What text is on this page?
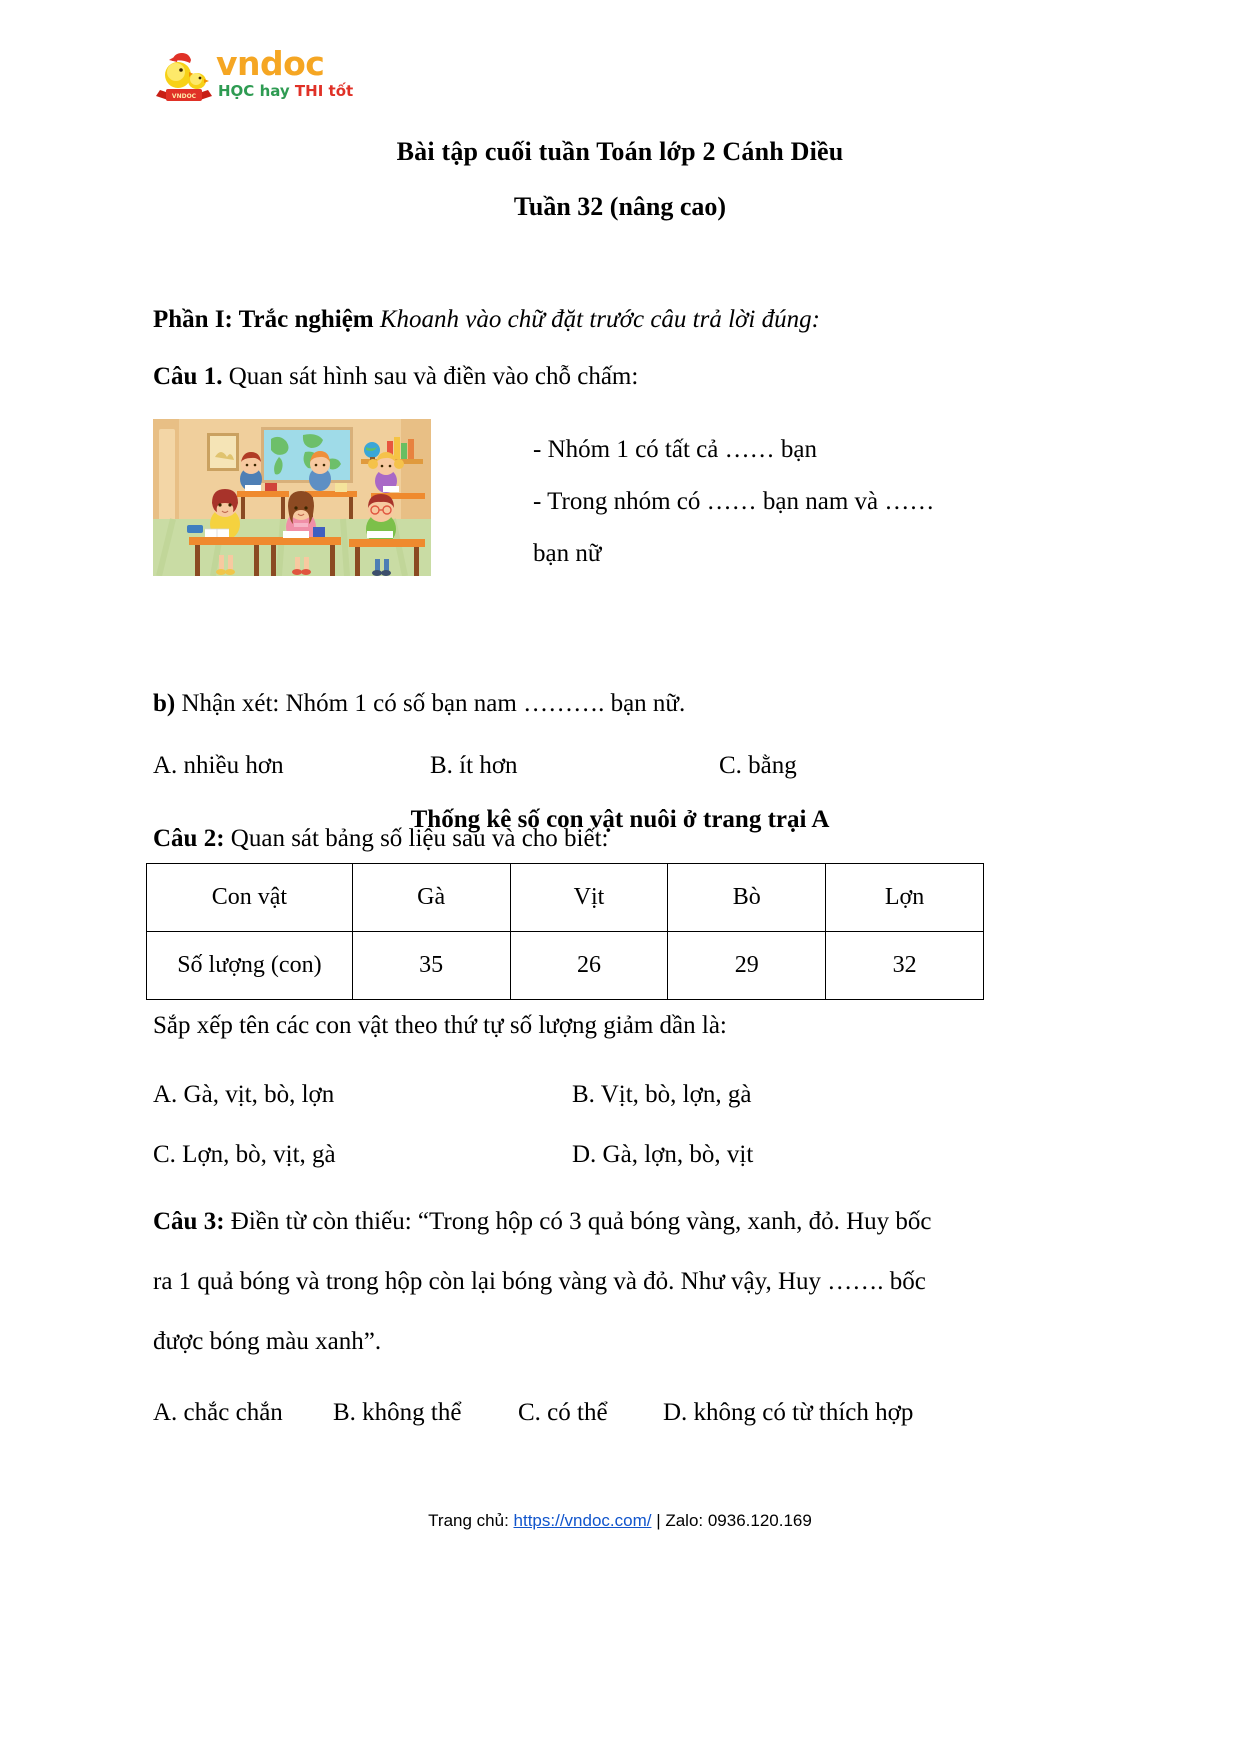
VNDOC
vndoc
HỌC hay THI tốt
Bài tập cuối tuần Toán lớp 2 Cánh Diều
Tuần 32 (nâng cao)
Phần I: Trắc nghiệm Khoanh vào chữ đặt trước câu trả lời đúng:
Câu 1. Quan sát hình sau và điền vào chỗ chấm:
- Nhóm 1 có tất cả …… bạn
- Trong nhóm có …… bạn nam và ……
bạn nữ
b) Nhận xét: Nhóm 1 có số bạn nam ………. bạn nữ.
A. nhiều hơn	B. ít hơn	C. bằng
Câu 2: Quan sát bảng số liệu sau và cho biết:
Thống kê số con vật nuôi ở trang trại A
Con vật	Gà	Vịt	Bò	Lợn
Số lượng (con)	35	26	29	32
Sắp xếp tên các con vật theo thứ tự số lượng giảm dần là:
A. Gà, vịt, bò, lợn	B. Vịt, bò, lợn, gà
C. Lợn, bò, vịt, gà	D. Gà, lợn, bò, vịt
Câu 3: Điền từ còn thiếu: “Trong hộp có 3 quả bóng vàng, xanh, đỏ. Huy bốc
ra 1 quả bóng và trong hộp còn lại bóng vàng và đỏ. Như vậy, Huy ……. bốc
được bóng màu xanh”.
A. chắc chắn B. không thể C. có thể D. không có từ thích hợp
Trang chủ: https://vndoc.com/ | Zalo: 0936.120.169
